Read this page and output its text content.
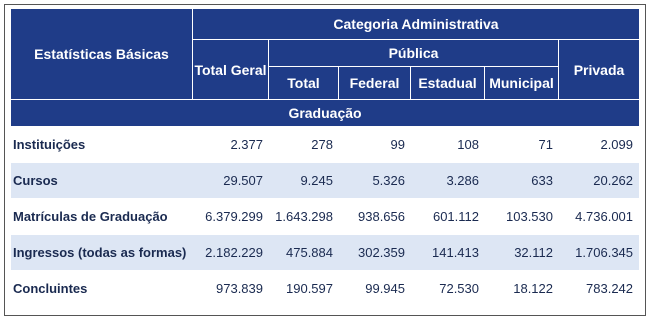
Estatísticas Básicas	Categoria Administrativa					
	Total Geral	Pública				Privada
		Total	Federal	Estadual	Municipal	
Graduação						
Instituições	2.377	278	99	108	71	2.099
Cursos	29.507	9.245	5.326	3.286	633	20.262
Matrículas de Graduação	6.379.299	1.643.298	938.656	601.112	103.530	4.736.001
Ingressos (todas as formas)	2.182.229	475.884	302.359	141.413	32.112	1.706.345
Concluintes	973.839	190.597	99.945	72.530	18.122	783.242
